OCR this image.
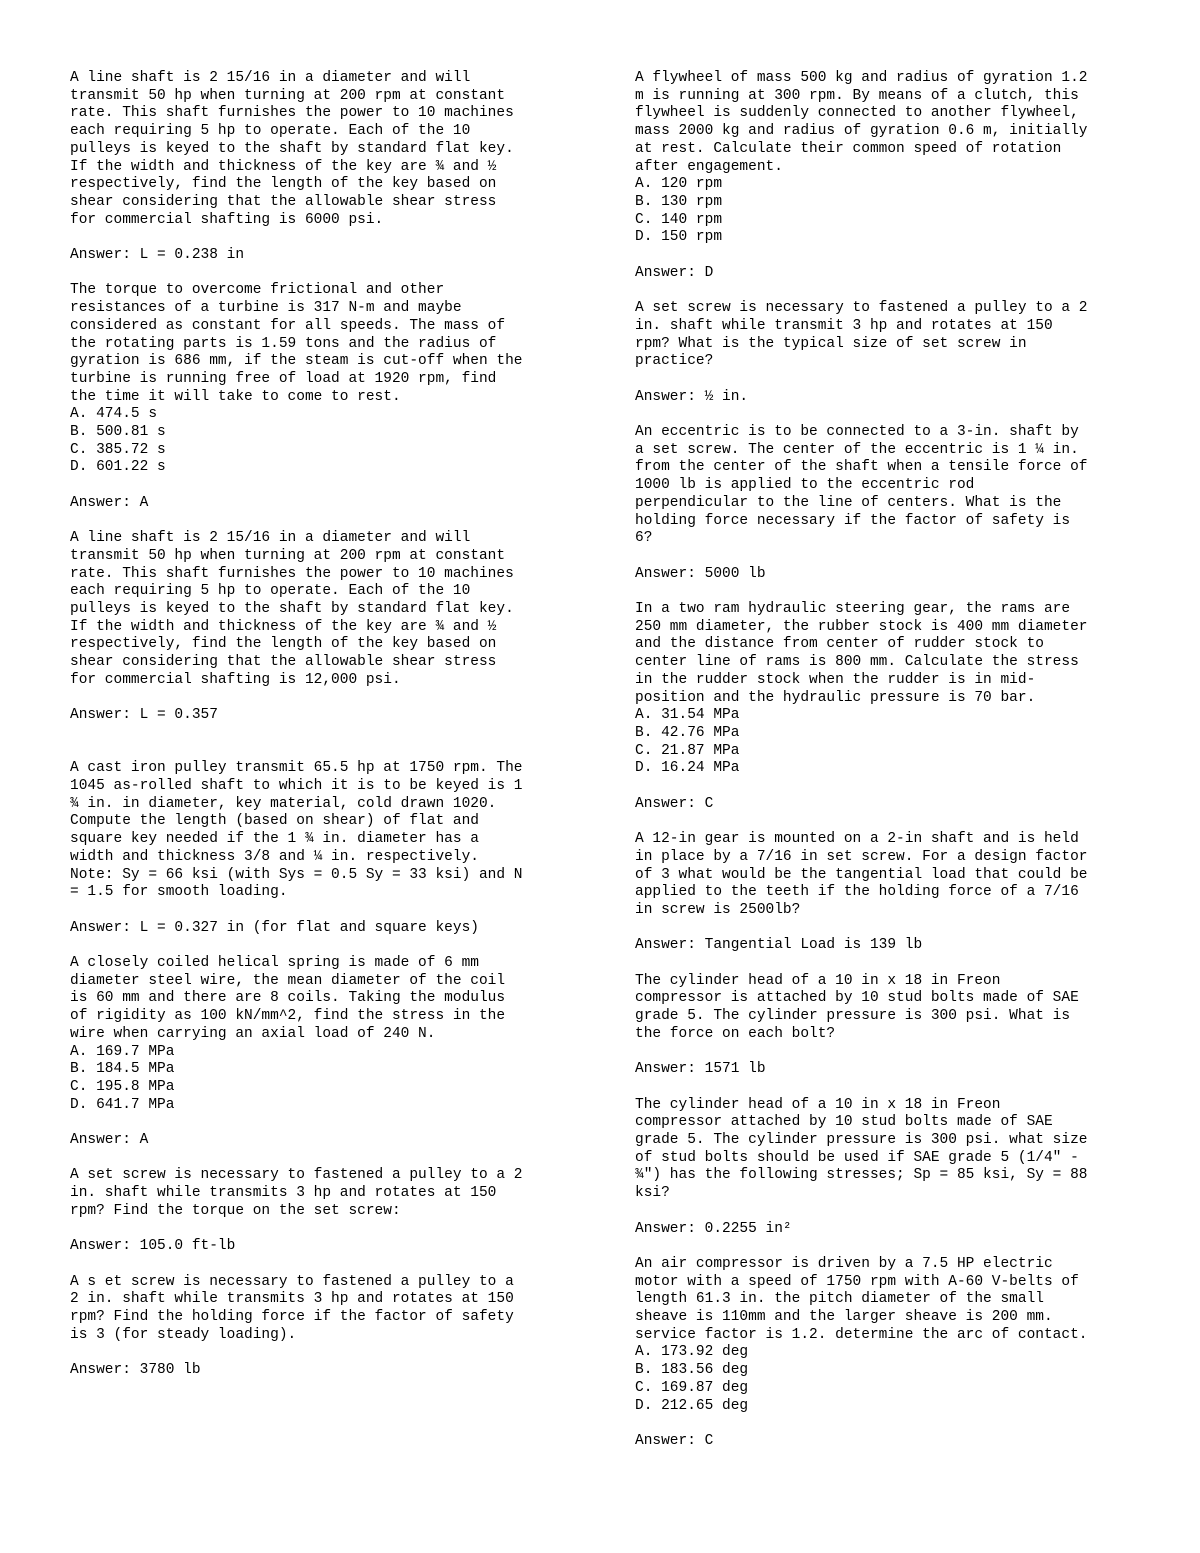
A line shaft is 2 15/16 in a diameter and will
transmit 50 hp when turning at 200 rpm at constant
rate. This shaft furnishes the power to 10 machines
each requiring 5 hp to operate. Each of the 10
pulleys is keyed to the shaft by standard flat key.
If the width and thickness of the key are ¾ and ½
respectively, find the length of the key based on
shear considering that the allowable shear stress
for commercial shafting is 6000 psi.

Answer: L = 0.238 in

The torque to overcome frictional and other
resistances of a turbine is 317 N-m and maybe
considered as constant for all speeds. The mass of
the rotating parts is 1.59 tons and the radius of
gyration is 686 mm, if the steam is cut-off when the
turbine is running free of load at 1920 rpm, find
the time it will take to come to rest.

A. 474.5 s
B. 500.81 s
C. 385.72 s
D. 601.22 s

Answer: A

A line shaft is 2 15/16 in a diameter and will
transmit 50 hp when turning at 200 rpm at constant
rate. This shaft furnishes the power to 10 machines
each requiring 5 hp to operate. Each of the 10
pulleys is keyed to the shaft by standard flat key.
If the width and thickness of the key are ¾ and ½
respectively, find the length of the key based on
shear considering that the allowable shear stress
for commercial shafting is 12,000 psi.

Answer: L = 0.357

A cast iron pulley transmit 65.5 hp at 1750 rpm. The
1045 as-rolled shaft to which it is to be keyed is 1
¾ in. in diameter, key material, cold drawn 1020.
Compute the length (based on shear) of flat and
square key needed if the 1 ¾ in. diameter has a
width and thickness 3/8 and ¼ in. respectively.
Note: Sy = 66 ksi (with Sys = 0.5 Sy = 33 ksi) and N
= 1.5 for smooth loading.

Answer: L = 0.327 in (for flat and square keys)

A closely coiled helical spring is made of 6 mm
diameter steel wire, the mean diameter of the coil
is 60 mm and there are 8 coils. Taking the modulus
of rigidity as 100 kN/mm^2, find the stress in the
wire when carrying an axial load of 240 N.

A. 169.7 MPa
B. 184.5 MPa
C. 195.8 MPa
D. 641.7 MPa

Answer: A

A set screw is necessary to fastened a pulley to a 2
in. shaft while transmits 3 hp and rotates at 150
rpm? Find the torque on the set screw:

Answer: 105.0 ft-lb

A s et screw is necessary to fastened a pulley to a
2 in. shaft while transmits 3 hp and rotates at 150
rpm? Find the holding force if the factor of safety
is 3 (for steady loading).

Answer: 3780 lb

A flywheel of mass 500 kg and radius of gyration 1.2
m is running at 300 rpm. By means of a clutch, this
flywheel is suddenly connected to another flywheel,
mass 2000 kg and radius of gyration 0.6 m, initially
at rest. Calculate their common speed of rotation
after engagement.

A. 120 rpm
B. 130 rpm
C. 140 rpm
D. 150 rpm

Answer: D

A set screw is necessary to fastened a pulley to a 2
in. shaft while transmit 3 hp and rotates at 150
rpm? What is the typical size of set screw in
practice?

Answer: ½ in.

An eccentric is to be connected to a 3-in. shaft by
a set screw. The center of the eccentric is 1 ¼ in.
from the center of the shaft when a tensile force of
1000 lb is applied to the eccentric rod
perpendicular to the line of centers. What is the
holding force necessary if the factor of safety is
6?

Answer: 5000 lb

In a two ram hydraulic steering gear, the rams are
250 mm diameter, the rubber stock is 400 mm diameter
and the distance from center of rudder stock to
center line of rams is 800 mm. Calculate the stress
in the rudder stock when the rudder is in mid-
position and the hydraulic pressure is 70 bar.

A. 31.54 MPa
B. 42.76 MPa
C. 21.87 MPa
D. 16.24 MPa

Answer: C

A 12-in gear is mounted on a 2-in shaft and is held
in place by a 7/16 in set screw. For a design factor
of 3 what would be the tangential load that could be
applied to the teeth if the holding force of a 7/16
in screw is 2500lb?

Answer: Tangential Load is 139 lb

The cylinder head of a 10 in x 18 in Freon
compressor is attached by 10 stud bolts made of SAE
grade 5. The cylinder pressure is 300 psi. What is
the force on each bolt?

Answer: 1571 lb

The cylinder head of a 10 in x 18 in Freon
compressor attached by 10 stud bolts made of SAE
grade 5. The cylinder pressure is 300 psi. what size
of stud bolts should be used if SAE grade 5 (1/4″ -
¾″) has the following stresses; Sp = 85 ksi, Sy = 88
ksi?

Answer: 0.2255 in²

An air compressor is driven by a 7.5 HP electric
motor with a speed of 1750 rpm with A-60 V-belts of
length 61.3 in. the pitch diameter of the small
sheave is 110mm and the larger sheave is 200 mm.
service factor is 1.2. determine the arc of contact.

A. 173.92 deg
B. 183.56 deg
C. 169.87 deg
D. 212.65 deg

Answer: C
